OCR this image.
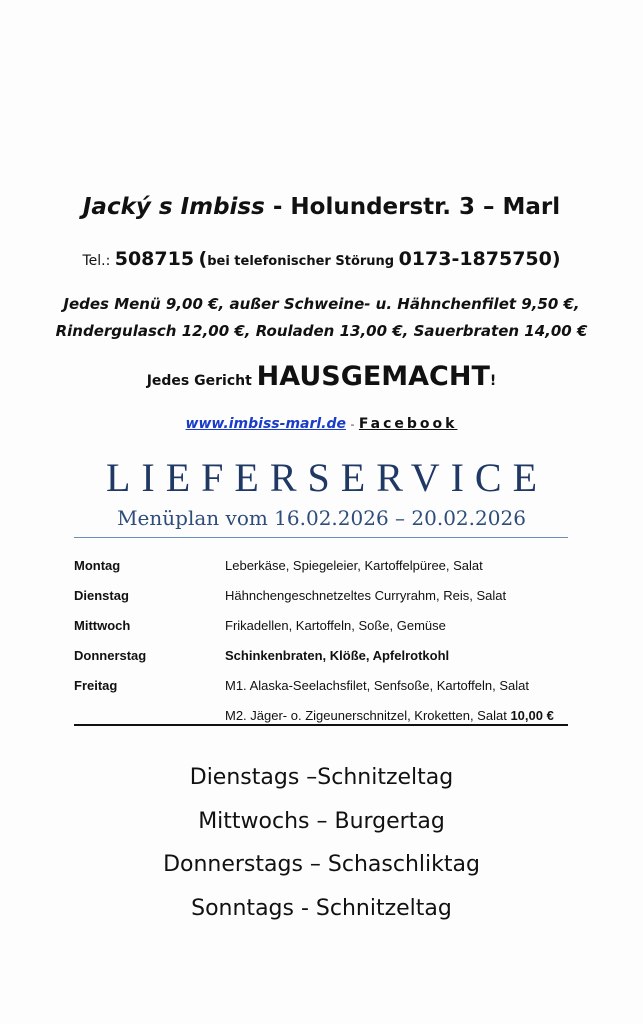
Jacký s Imbiss - Holunderstr. 3 – Marl
Tel.: 508715 (bei telefonischer Störung 0173-1875750)
Jedes Menü 9,00 €, außer Schweine- u. Hähnchenfilet 9,50 €,
Rindergulasch 12,00 €, Rouladen 13,00 €, Sauerbraten 14,00 €
Jedes Gericht HAUSGEMACHT!
www.imbiss-marl.de - Facebook
LIEFERSERVICE
Menüplan vom 16.02.2026 – 20.02.2026
Montag	Leberkäse, Spiegeleier, Kartoffelpüree, Salat
Dienstag	Hähnchengeschnetzeltes Curryrahm, Reis, Salat
Mittwoch	Frikadellen, Kartoffeln, Soße, Gemüse
Donnerstag	Schinkenbraten, Klöße, Apfelrotkohl
Freitag	M1. Alaska-Seelachsfilet, Senfsoße, Kartoffeln, Salat
	M2. Jäger- o. Zigeunerschnitzel, Kroketten, Salat 10,00 €
Dienstags –Schnitzeltag
Mittwochs – Burgertag
Donnerstags – Schaschliktag
Sonntags - Schnitzeltag
